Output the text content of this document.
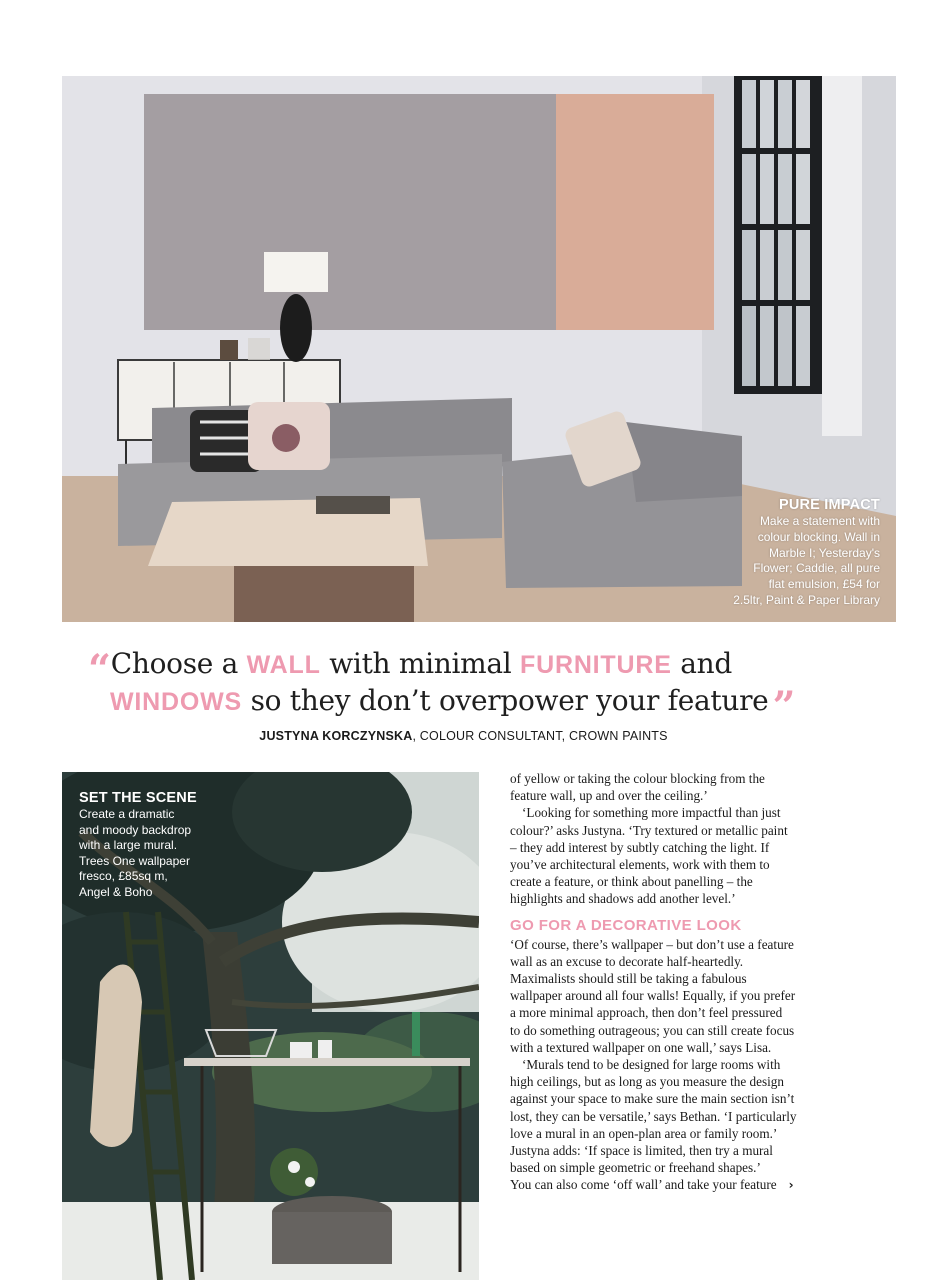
PURE IMPACT
Make a statement with
colour blocking. Wall in
Marble I; Yesterday's
Flower; Caddie, all pure
flat emulsion, £54 for
2.5ltr, Paint & Paper Library
“Choose a WALL with minimal FURNITURE and
WINDOWS so they don’t overpower your feature ”
JUSTYNA KORCZYNSKA, COLOUR CONSULTANT, CROWN PAINTS
SET THE SCENE
Create a dramatic
and moody backdrop
with a large mural.
Trees One wallpaper
fresco, £85sq m,
Angel & Boho
of yellow or taking the colour blocking from the
feature wall, up and over the ceiling.’
‘Looking for something more impactful than just
colour?’ asks Justyna. ‘Try textured or metallic paint
– they add interest by subtly catching the light. If
you’ve architectural elements, work with them to
create a feature, or think about panelling – the
highlights and shadows add another level.’
GO FOR A DECORATIVE LOOK
‘Of course, there’s wallpaper – but don’t use a feature
wall as an excuse to decorate half-heartedly.
Maximalists should still be taking a fabulous
wallpaper around all four walls! Equally, if you prefer
a more minimal approach, then don’t feel pressured
to do something outrageous; you can still create focus
with a textured wallpaper on one wall,’ says Lisa.
‘Murals tend to be designed for large rooms with
high ceilings, but as long as you measure the design
against your space to make sure the main section isn’t
lost, they can be versatile,’ says Bethan. ‘I particularly
love a mural in an open-plan area or family room.’
Justyna adds: ‘If space is limited, then try a mural
based on simple geometric or freehand shapes.’
You can also come ‘off wall’ and take your feature ›
